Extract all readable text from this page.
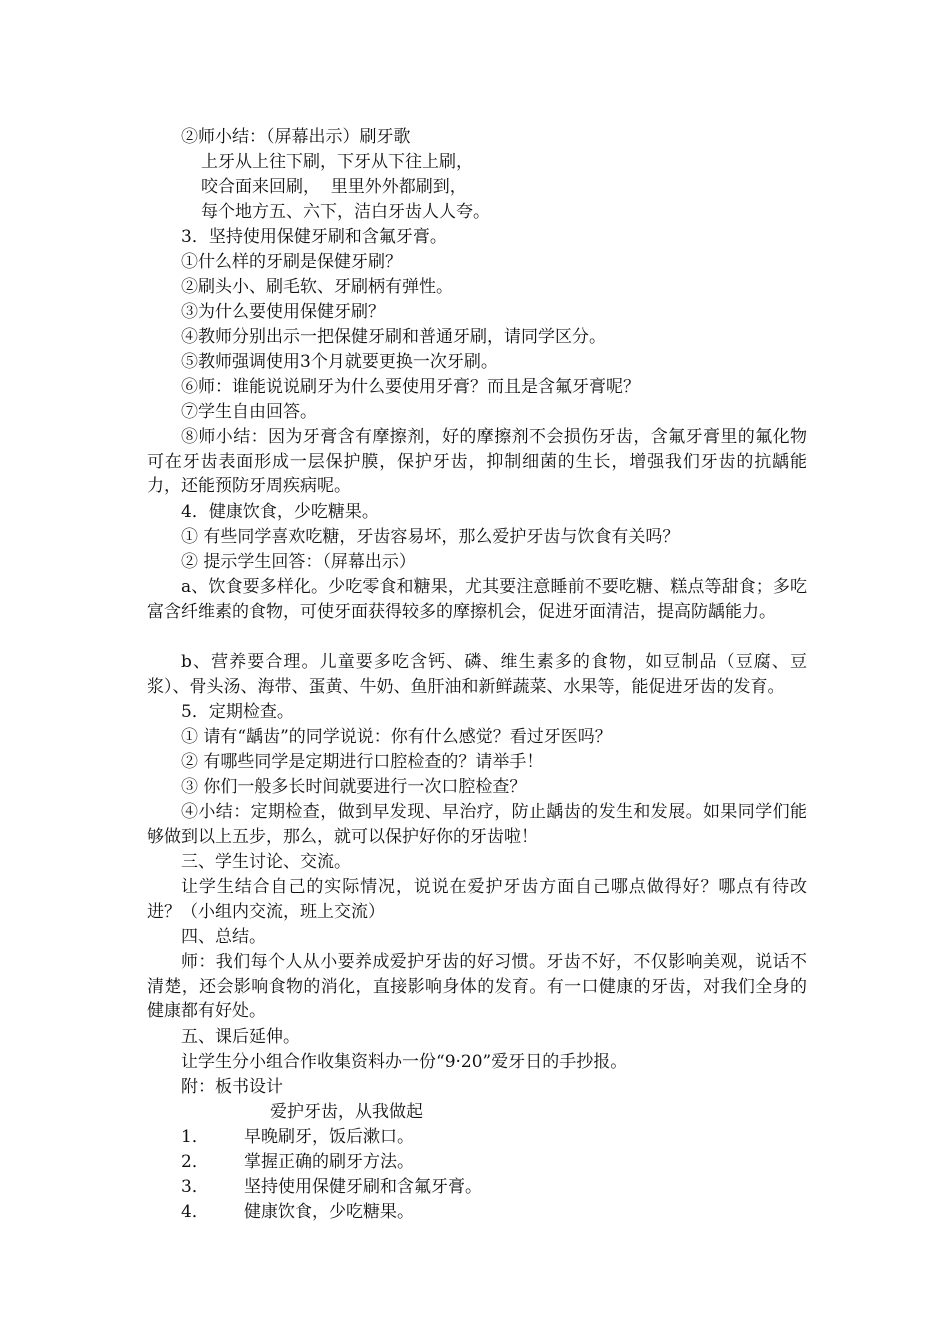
②师小结：（屏幕出示）刷牙歌
上牙从上往下刷，下牙从下往上刷，
咬合面来回刷，  里里外外都刷到，
每个地方五、六下，洁白牙齿人人夸。
3．坚持使用保健牙刷和含氟牙膏。
①什么样的牙刷是保健牙刷？
②刷头小、刷毛软、牙刷柄有弹性。
③为什么要使用保健牙刷？
④教师分别出示一把保健牙刷和普通牙刷，请同学区分。
⑤教师强调使用3个月就要更换一次牙刷。
⑥师：谁能说说刷牙为什么要使用牙膏？而且是含氟牙膏呢？
⑦学生自由回答。

⑧师小结：因为牙膏含有摩擦剂，好的摩擦剂不会损伤牙齿，含氟牙膏里的氟化物可在牙齿表面形成一层保护膜，保护牙齿，抑制细菌的生长，增强我们牙齿的抗龋能力，还能预防牙周疾病呢。

4．健康饮食，少吃糖果。
① 有些同学喜欢吃糖，牙齿容易坏，那么爱护牙齿与饮食有关吗？
② 提示学生回答：（屏幕出示）

a、饮食要多样化。少吃零食和糖果，尤其要注意睡前不要吃糖、糕点等甜食；多吃富含纤维素的食物，可使牙面获得较多的摩擦机会，促进牙面清洁，提高防龋能力。

b、营养要合理。儿童要多吃含钙、磷、维生素多的食物，如豆制品（豆腐、豆浆）、骨头汤、海带、蛋黄、牛奶、鱼肝油和新鲜蔬菜、水果等，能促进牙齿的发育。

5．定期检查。
① 请有“龋齿”的同学说说：你有什么感觉？看过牙医吗？
② 有哪些同学是定期进行口腔检查的？请举手！
③ 你们一般多长时间就要进行一次口腔检查？

④小结：定期检查，做到早发现、早治疗，防止龋齿的发生和发展。如果同学们能够做到以上五步，那么，就可以保护好你的牙齿啦！

三、学生讨论、交流。

让学生结合自己的实际情况，说说在爱护牙齿方面自己哪点做得好？哪点有待改进？（小组内交流，班上交流）

四、总结。

师：我们每个人从小要养成爱护牙齿的好习惯。牙齿不好，不仅影响美观，说话不清楚，还会影响食物的消化，直接影响身体的发育。有一口健康的牙齿，对我们全身的健康都有好处。

五、课后延伸。
让学生分小组合作收集资料办一份“9·20”爱牙日的手抄报。
附：板书设计
爱护牙齿，从我做起
1． 早晚刷牙，饭后漱口。
2． 掌握正确的刷牙方法。
3． 坚持使用保健牙刷和含氟牙膏。
4． 健康饮食，少吃糖果。
